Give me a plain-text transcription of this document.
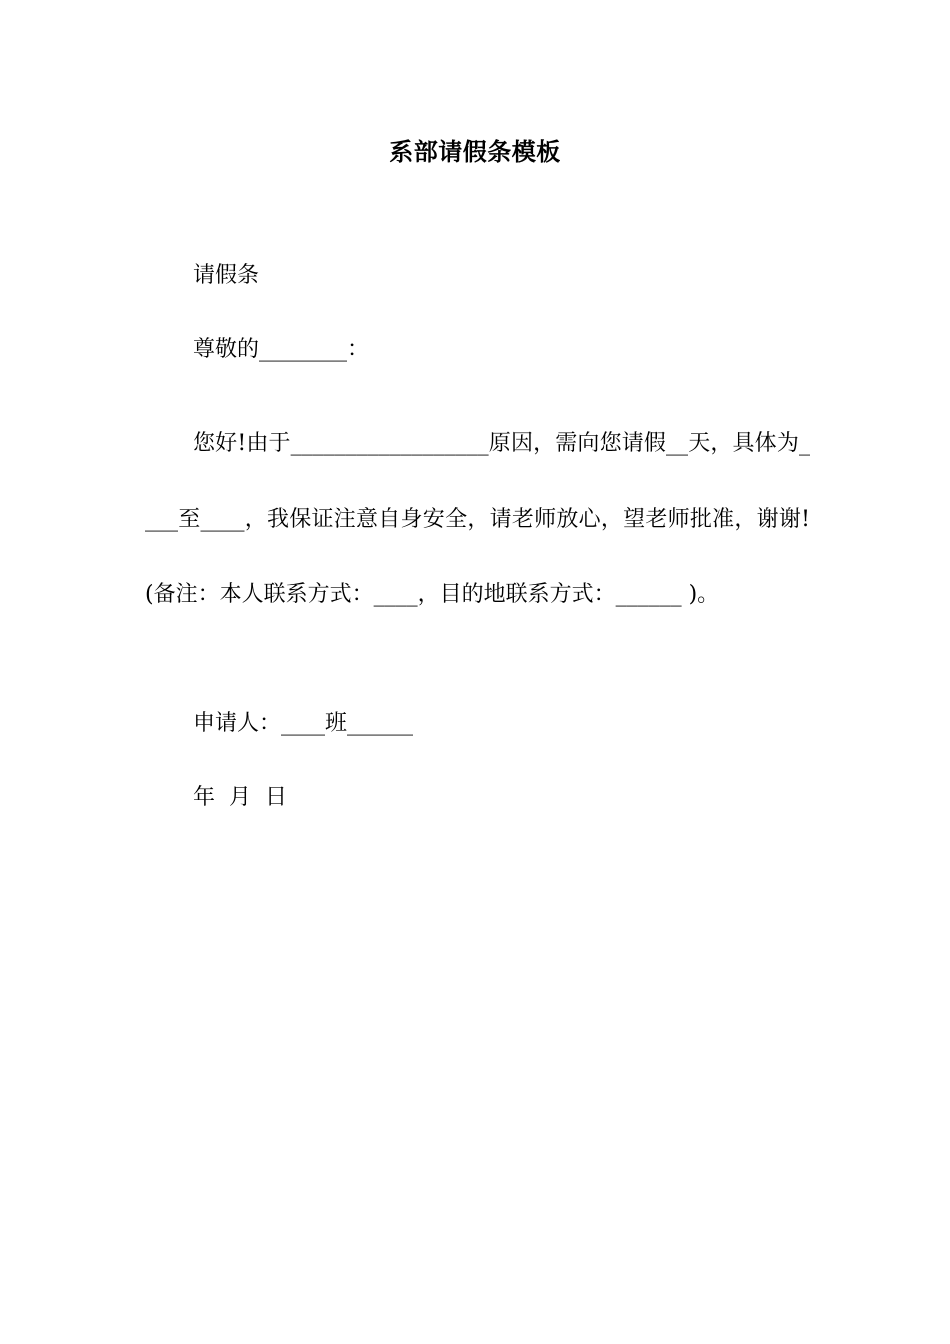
系部请假条模板
请假条
尊敬的________：
您好!由于__________________原因，需向您请假__天，具体为____至____，我保证注意自身安全，请老师放心，望老师批准，谢谢!(备注：本人联系方式：____，目的地联系方式：______ )。
申请人：____班______
年  月  日
